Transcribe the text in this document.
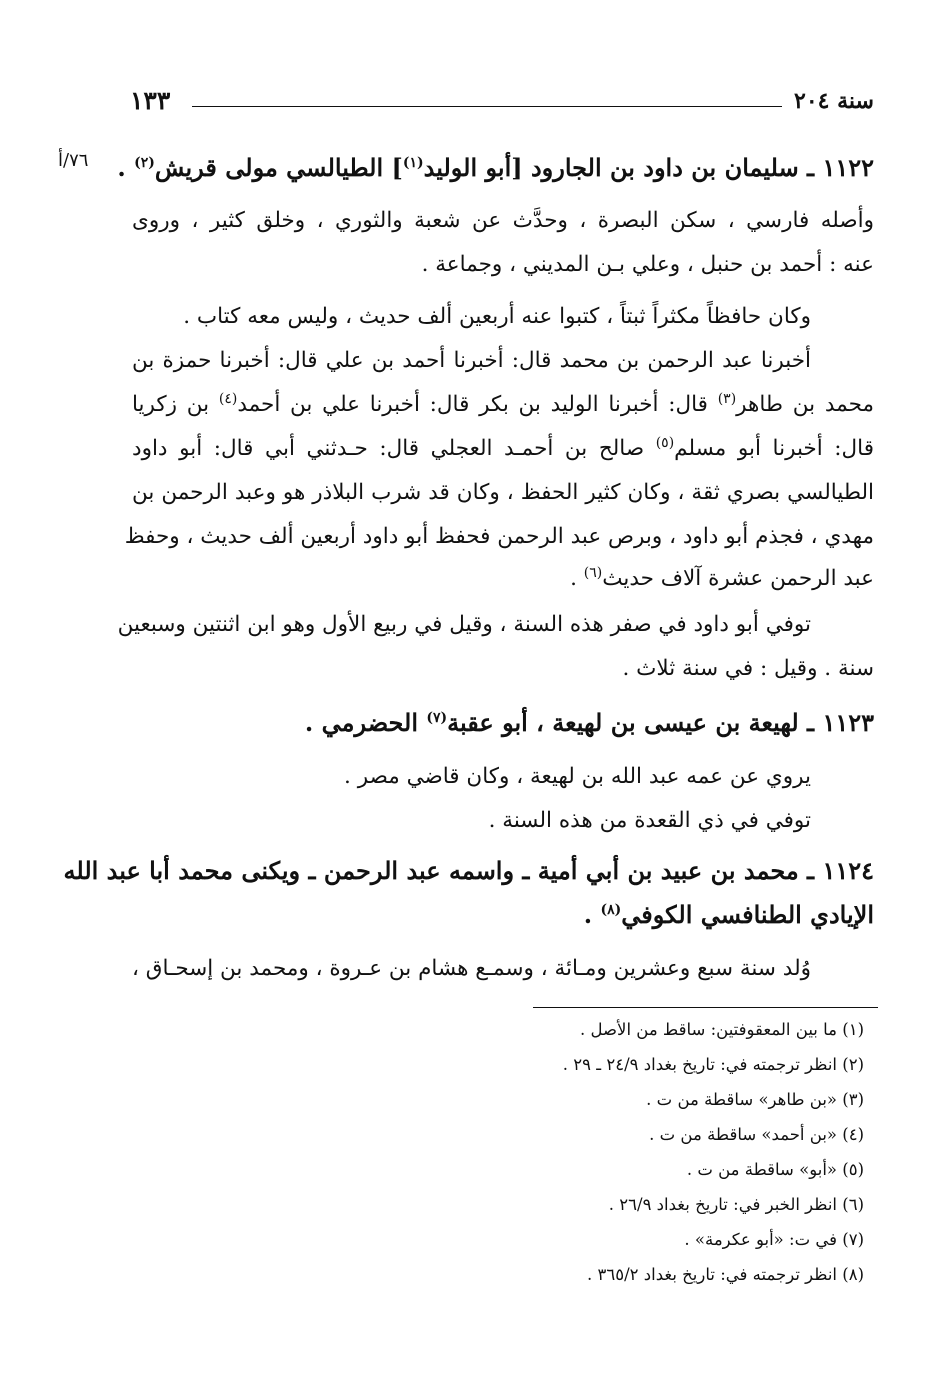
١٣٣	سنة ٢٠٤
٧٦/أ	١١٢٢ ـ سليمان بن داود بن الجارود [أبو الوليد$^{(١)}$] الطيالسي مولى قريش$^{(٢)}$ .
وأصله فارسي ، سكن البصرة ، وحدَّث عن شعبة والثوري ، وخلق كثير ، وروى
عنه : أحمد بن حنبل ، وعلي بـن المديني ، وجماعة .
وكان حافظاً مكثراً ثبتاً ، كتبوا عنه أربعين ألف حديث ، وليس معه كتاب .
أخبرنا عبد الرحمن بن محمد قال: أخبرنا أحمد بن علي قال: أخبرنا حمزة بن
محمد بن طاهر$^{(٣)}$ قال: أخبرنا الوليد بن بكر قال: أخبرنا علي بن أحمد$^{(٤)}$ بن زكريا
قال: أخبرنا أبو مسلم$^{(٥)}$ صالح بن أحمـد العجلي قال: حـدثني أبي قال: أبو داود
الطيالسي بصري ثقة ، وكان كثير الحفظ ، وكان قد شرب البلاذر هو وعبد الرحمن بن
مهدي ، فجذم أبو داود ، وبرص عبد الرحمن فحفظ أبو داود أربعين ألف حديث ، وحفظ
عبد الرحمن عشرة آلاف حديث$^{(٦)}$ .
توفي أبو داود في صفر هذه السنة ، وقيل في ربيع الأول وهو ابن اثنتين وسبعين
سنة . وقيل : في سنة ثلاث .
١١٢٣ ـ لهيعة بن عيسى بن لهيعة ، أبو عقبة$^{(٧)}$ الحضرمي .
يروي عن عمه عبد الله بن لهيعة ، وكان قاضي مصر .
توفي في ذي القعدة من هذه السنة .
١١٢٤ ـ محمد بن عبيد بن أبي أمية ـ واسمه عبد الرحمن ـ ويكنى محمد أبا عبد الله
الإيادي الطنافسي الكوفي$^{(٨)}$ .
وُلد سنة سبع وعشرين ومـائة ، وسمـع هشام بن عـروة ، ومحمد بن إسحـاق ،
(١) ما بين المعقوفتين: ساقط من الأصل .
(٢) انظر ترجمته في: تاريخ بغداد ٢٤/٩ ـ ٢٩ .
(٣) «بن طاهر» ساقطة من ت .
(٤) «بن أحمد» ساقطة من ت .
(٥) «أبو» ساقطة من ت .
(٦) انظر الخبر في: تاريخ بغداد ٢٦/٩ .
(٧) في ت: «أبو عكرمة» .
(٨) انظر ترجمته في: تاريخ بغداد ٣٦٥/٢ .
